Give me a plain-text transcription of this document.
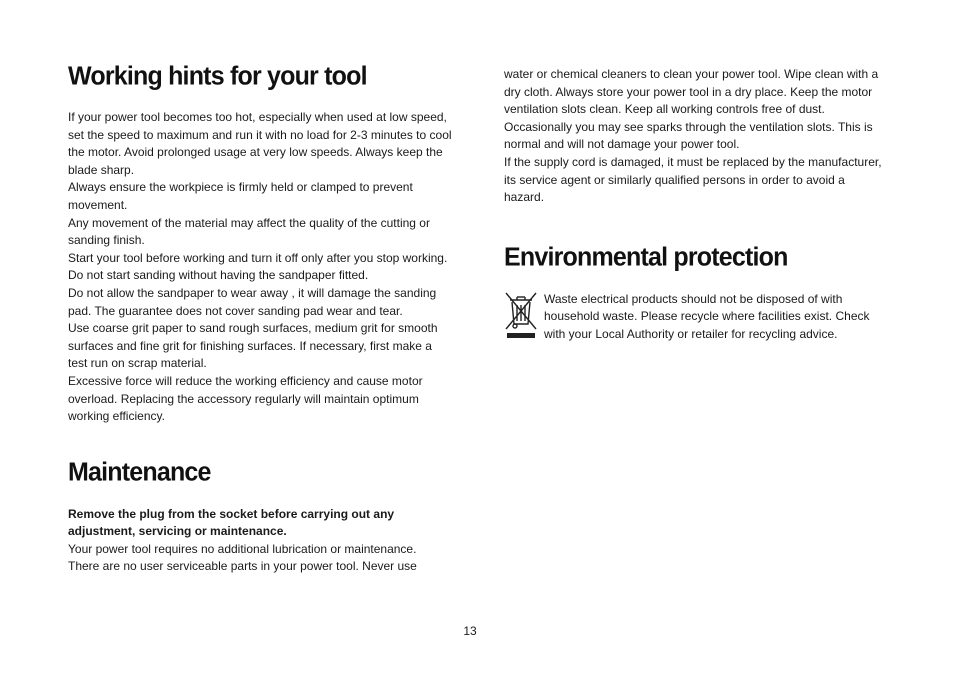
Working hints for your tool

If your power tool becomes too hot, especially when used at low speed, set the speed to maximum and run it with no load for 2-3 minutes to cool the motor. Avoid prolonged usage at very low speeds. Always keep the blade sharp.

Always ensure the workpiece is firmly held or clamped to prevent movement.

Any movement of the material may affect the quality of the cutting or sanding finish.

Start your tool before working and turn it off only after you stop working.

Do not start sanding without having the sandpaper fitted.

Do not allow the sandpaper to wear away , it will damage the sanding pad. The guarantee does not cover sanding pad wear and tear.

Use coarse grit paper to sand rough surfaces, medium grit for smooth surfaces and fine grit for finishing surfaces. If necessary, first make a test run on scrap material.

Excessive force will reduce the working efficiency and cause motor overload. Replacing the accessory regularly will maintain optimum working efficiency.

Maintenance

Remove the plug from the socket before carrying out any adjustment, servicing or maintenance.

Your power tool requires no additional lubrication or maintenance.

There are no user serviceable parts in your power tool. Never use

water or chemical cleaners to clean your power tool. Wipe clean with a dry cloth. Always store your power tool in a dry place. Keep the motor ventilation slots clean. Keep all working controls free of dust.

Occasionally you may see sparks through the ventilation slots. This is normal and will not damage your power tool.

If the supply cord is damaged, it must be replaced by the manufacturer, its service agent or similarly qualified persons in order to avoid a hazard.

Environmental protection

Waste electrical products should not be disposed of with household waste. Please recycle where facilities exist. Check with your Local Authority or retailer for recycling advice.

13
